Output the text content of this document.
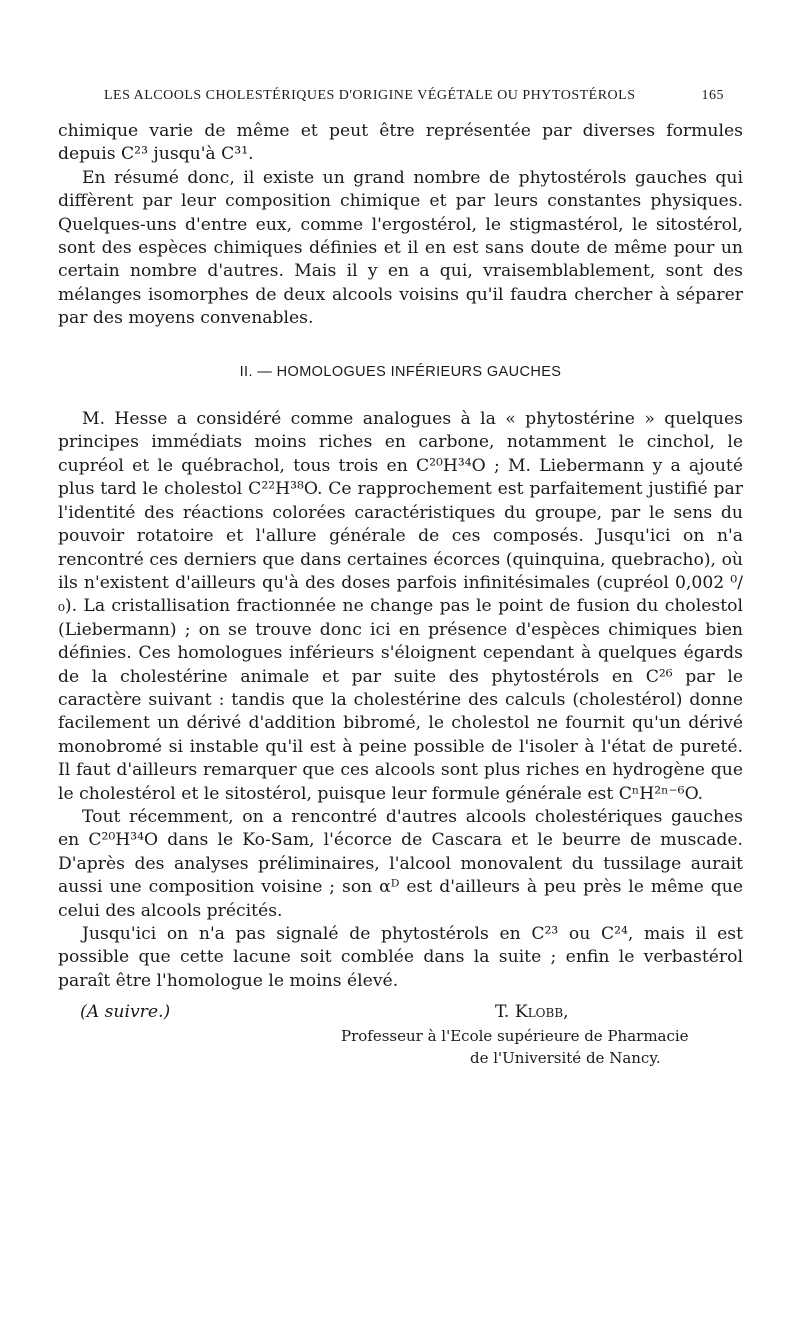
LES ALCOOLS CHOLESTÉRIQUES D'ORIGINE VÉGÉTALE OU PHYTOSTÉROLS	165

chimique varie de même et peut être représentée par diverses formules depuis C²³ jusqu'à C³¹.

En résumé donc, il existe un grand nombre de phytostérols gauches qui diffèrent par leur composition chimique et par leurs constantes physiques. Quelques-uns d'entre eux, comme l'ergostérol, le stigmastérol, le sitostérol, sont des espèces chimiques définies et il en est sans doute de même pour un certain nombre d'autres. Mais il y en a qui, vraisemblablement, sont des mélanges isomorphes de deux alcools voisins qu'il faudra chercher à séparer par des moyens convenables.

II. — HOMOLOGUES INFÉRIEURS GAUCHES

M. Hesse a considéré comme analogues à la « phytostérine » quelques principes immédiats moins riches en carbone, notamment le cinchol, le cupréol et le québrachol, tous trois en C²⁰H³⁴O ; M. Liebermann y a ajouté plus tard le cholestol C²²H³⁸O. Ce rapprochement est parfaitement justifié par l'identité des réactions colorées caractéristiques du groupe, par le sens du pouvoir rotatoire et l'allure générale de ces composés. Jusqu'ici on n'a rencontré ces derniers que dans certaines écorces (quinquina, quebracho), où ils n'existent d'ailleurs qu'à des doses parfois infinitésimales (cupréol 0,002 ⁰/₀). La cristallisation fractionnée ne change pas le point de fusion du cholestol (Liebermann) ; on se trouve donc ici en présence d'espèces chimiques bien définies. Ces homologues inférieurs s'éloignent cependant à quelques égards de la cholestérine animale et par suite des phytostérols en C²⁶ par le caractère suivant : tandis que la cholestérine des calculs (cholestérol) donne facilement un dérivé d'addition bibromé, le cholestol ne fournit qu'un dérivé monobromé si instable qu'il est à peine possible de l'isoler à l'état de pureté. Il faut d'ailleurs remarquer que ces alcools sont plus riches en hydrogène que le cholestérol et le sitostérol, puisque leur formule générale est CⁿH²ⁿ⁻⁶O.

Tout récemment, on a rencontré d'autres alcools cholestériques gauches en C²⁰H³⁴O dans le Ko-Sam, l'écorce de Cascara et le beurre de muscade. D'après des analyses préliminaires, l'alcool monovalent du tussilage aurait aussi une composition voisine ; son αᴰ est d'ailleurs à peu près le même que celui des alcools précités.

Jusqu'ici on n'a pas signalé de phytostérols en C²³ ou C²⁴, mais il est possible que cette lacune soit comblée dans la suite ; enfin le verbastérol paraît être l'homologue le moins élevé.

(A suivre.)	T. Klobb,
Professeur à l'Ecole supérieure de Pharmacie
de l'Université de Nancy.
